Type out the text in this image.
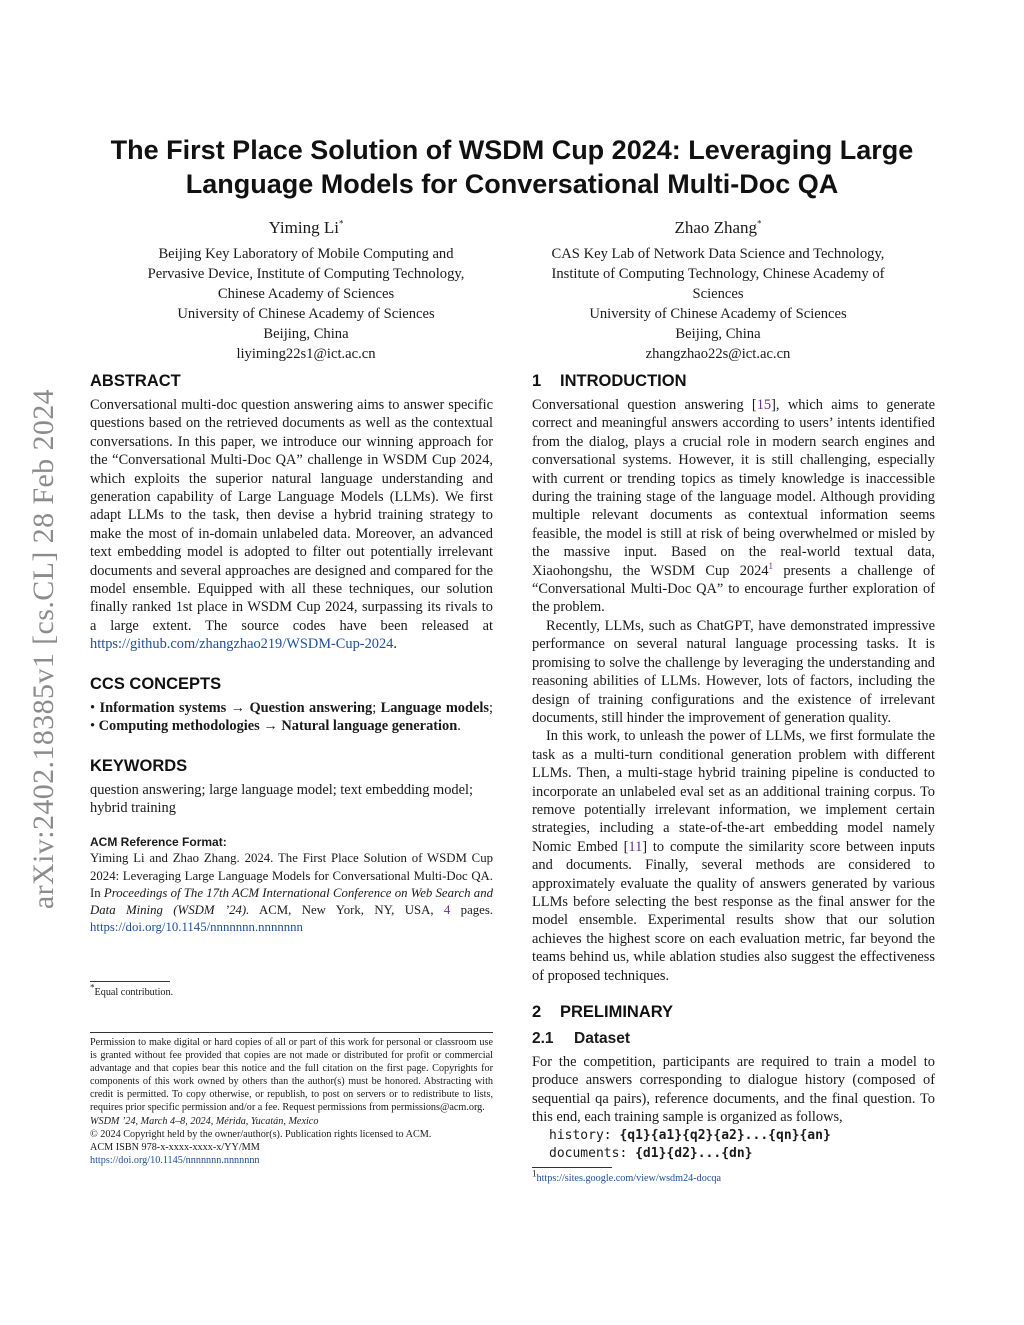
arXiv:2402.18385v1 [cs.CL] 28 Feb 2024
The First Place Solution of WSDM Cup 2024: Leveraging Large
Language Models for Conversational Multi-Doc QA
Yiming Li*
Beijing Key Laboratory of Mobile Computing and
Pervasive Device, Institute of Computing Technology,
Chinese Academy of Sciences
University of Chinese Academy of Sciences
Beijing, China
liyiming22s1@ict.ac.cn
Zhao Zhang*
CAS Key Lab of Network Data Science and Technology,
Institute of Computing Technology, Chinese Academy of
Sciences
University of Chinese Academy of Sciences
Beijing, China
zhangzhao22s@ict.ac.cn
ABSTRACT

Conversational multi-doc question answering aims to answer specific questions based on the retrieved documents as well as the contextual conversations. In this paper, we introduce our winning approach for the “Conversational Multi-Doc QA” challenge in WSDM Cup 2024, which exploits the superior natural language understanding and generation capability of Large Language Models (LLMs). We first adapt LLMs to the task, then devise a hybrid training strategy to make the most of in-domain unlabeled data. Moreover, an advanced text embedding model is adopted to filter out potentially irrelevant documents and several approaches are designed and compared for the model ensemble. Equipped with all these techniques, our solution finally ranked 1st place in WSDM Cup 2024, surpassing its rivals to a large extent. The source codes have been released at https://github.com/zhangzhao219/WSDM-Cup-2024.

CCS CONCEPTS

• Information systems → Question answering; Language models; • Computing methodologies → Natural language generation.

KEYWORDS

question answering; large language model; text embedding model; hybrid training

ACM Reference Format:

Yiming Li and Zhao Zhang. 2024. The First Place Solution of WSDM Cup 2024: Leveraging Large Language Models for Conversational Multi-Doc QA. In Proceedings of The 17th ACM International Conference on Web Search and Data Mining (WSDM ’24). ACM, New York, NY, USA, 4 pages. https://doi.org/10.1145/nnnnnnn.nnnnnnn

*Equal contribution.

Permission to make digital or hard copies of all or part of this work for personal or classroom use is granted without fee provided that copies are not made or distributed for profit or commercial advantage and that copies bear this notice and the full citation on the first page. Copyrights for components of this work owned by others than the author(s) must be honored. Abstracting with credit is permitted. To copy otherwise, or republish, to post on servers or to redistribute to lists, requires prior specific permission and/or a fee. Request permissions from permissions@acm.org.

WSDM ’24, March 4–8, 2024, Mérida, Yucatán, Mexico

© 2024 Copyright held by the owner/author(s). Publication rights licensed to ACM.

ACM ISBN 978-x-xxxx-xxxx-x/YY/MM

https://doi.org/10.1145/nnnnnnn.nnnnnnn

1 INTRODUCTION

Conversational question answering [15], which aims to generate correct and meaningful answers according to users’ intents identified from the dialog, plays a crucial role in modern search engines and conversational systems. However, it is still challenging, especially with current or trending topics as timely knowledge is inaccessible during the training stage of the language model. Although providing multiple relevant documents as contextual information seems feasible, the model is still at risk of being overwhelmed or misled by the massive input. Based on the real-world textual data, Xiaohongshu, the WSDM Cup 2024$^1$ presents a challenge of “Conversational Multi-Doc QA” to encourage further exploration of the problem.

Recently, LLMs, such as ChatGPT, have demonstrated impressive performance on several natural language processing tasks. It is promising to solve the challenge by leveraging the understanding and reasoning abilities of LLMs. However, lots of factors, including the design of training configurations and the existence of irrelevant documents, still hinder the improvement of generation quality.

In this work, to unleash the power of LLMs, we first formulate the task as a multi-turn conditional generation problem with different LLMs. Then, a multi-stage hybrid training pipeline is conducted to incorporate an unlabeled eval set as an additional training corpus. To remove potentially irrelevant information, we implement certain strategies, including a state-of-the-art embedding model namely Nomic Embed [11] to compute the similarity score between inputs and documents. Finally, several methods are considered to approximately evaluate the quality of answers generated by various LLMs before selecting the best response as the final answer for the model ensemble. Experimental results show that our solution achieves the highest score on each evaluation metric, far beyond the teams behind us, while ablation studies also suggest the effectiveness of proposed techniques.

2 PRELIMINARY
2.1 Dataset

For the competition, participants are required to train a model to produce answers corresponding to dialogue history (composed of sequential qa pairs), reference documents, and the final question. To this end, each training sample is organized as follows,

history: {q1}{a1}{q2}{a2}...{qn}{an}
documents: {d1}{d2}...{dn}
$^1$https://sites.google.com/view/wsdm24-docqa
